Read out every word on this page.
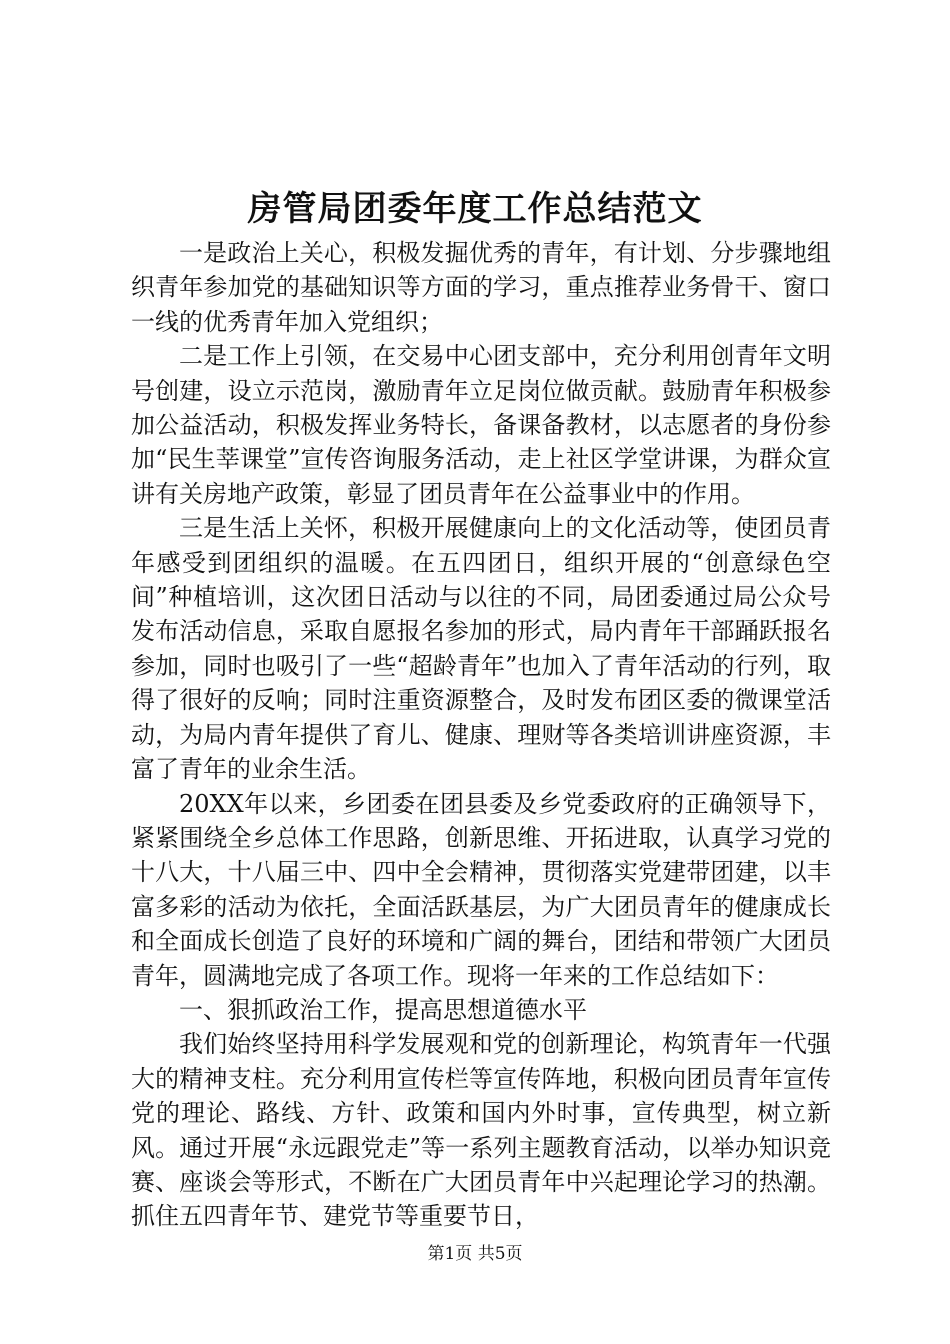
房管局团委年度工作总结范文

一是政治上关心，积极发掘优秀的青年，有计划、分步骤地组织青年参加党的基础知识等方面的学习，重点推荐业务骨干、窗口一线的优秀青年加入党组织；

二是工作上引领，在交易中心团支部中，充分利用创青年文明号创建，设立示范岗，激励青年立足岗位做贡献。鼓励青年积极参加公益活动，积极发挥业务特长，备课备教材，以志愿者的身份参加“民生莘课堂”宣传咨询服务活动，走上社区学堂讲课，为群众宣讲有关房地产政策，彰显了团员青年在公益事业中的作用。

三是生活上关怀，积极开展健康向上的文化活动等，使团员青年感受到团组织的温暖。在五四团日，组织开展的“创意绿色空间”种植培训，这次团日活动与以往的不同，局团委通过局公众号发布活动信息，采取自愿报名参加的形式，局内青年干部踊跃报名参加，同时也吸引了一些“超龄青年”也加入了青年活动的行列，取得了很好的反响；同时注重资源整合，及时发布团区委的微课堂活动，为局内青年提供了育儿、健康、理财等各类培训讲座资源，丰富了青年的业余生活。

20XX年以来，乡团委在团县委及乡党委政府的正确领导下，紧紧围绕全乡总体工作思路，创新思维、开拓进取，认真学习党的十八大，十八届三中、四中全会精神，贯彻落实党建带团建，以丰富多彩的活动为依托，全面活跃基层，为广大团员青年的健康成长和全面成长创造了良好的环境和广阔的舞台，团结和带领广大团员青年，圆满地完成了各项工作。现将一年来的工作总结如下：

一、狠抓政治工作，提高思想道德水平

我们始终坚持用科学发展观和党的创新理论，构筑青年一代强大的精神支柱。充分利用宣传栏等宣传阵地，积极向团员青年宣传党的理论、路线、方针、政策和国内外时事，宣传典型，树立新风。通过开展“永远跟党走”等一系列主题教育活动，以举办知识竞赛、座谈会等形式，不断在广大团员青年中兴起理论学习的热潮。抓住五四青年节、建党节等重要节日，

第1页 共5页
